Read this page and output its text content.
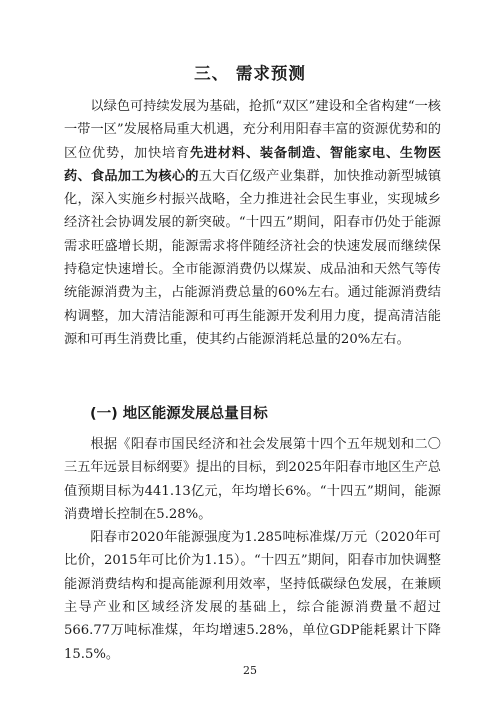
三、 需求预测

以绿色可持续发展为基础，抢抓“双区”建设和全省构建“一核一带一区”发展格局重大机遇，充分利用阳春丰富的资源优势和的区位优势，加快培育先进材料、装备制造、智能家电、生物医药、食品加工为核心的五大百亿级产业集群，加快推动新型城镇化，深入实施乡村振兴战略，全力推进社会民生事业，实现城乡经济社会协调发展的新突破。“十四五”期间，阳春市仍处于能源需求旺盛增长期，能源需求将伴随经济社会的快速发展而继续保持稳定快速增长。全市能源消费仍以煤炭、成品油和天然气等传统能源消费为主，占能源消费总量的60%左右。通过能源消费结构调整，加大清洁能源和可再生能源开发利用力度，提高清洁能源和可再生消费比重，使其约占能源消耗总量的20%左右。

(一) 地区能源发展总量目标

根据《阳春市国民经济和社会发展第十四个五年规划和二〇三五年远景目标纲要》提出的目标，到2025年阳春市地区生产总值预期目标为441.13亿元，年均增长6%。“十四五”期间，能源消费增长控制在5.28%。

阳春市2020年能源强度为1.285吨标准煤/万元（2020年可比价，2015年可比价为1.15）。“十四五”期间，阳春市加快调整能源消费结构和提高能源利用效率，坚持低碳绿色发展，在兼顾主导产业和区域经济发展的基础上，综合能源消费量不超过566.77万吨标准煤，年均增速5.28%，单位GDP能耗累计下降15.5%。

25
